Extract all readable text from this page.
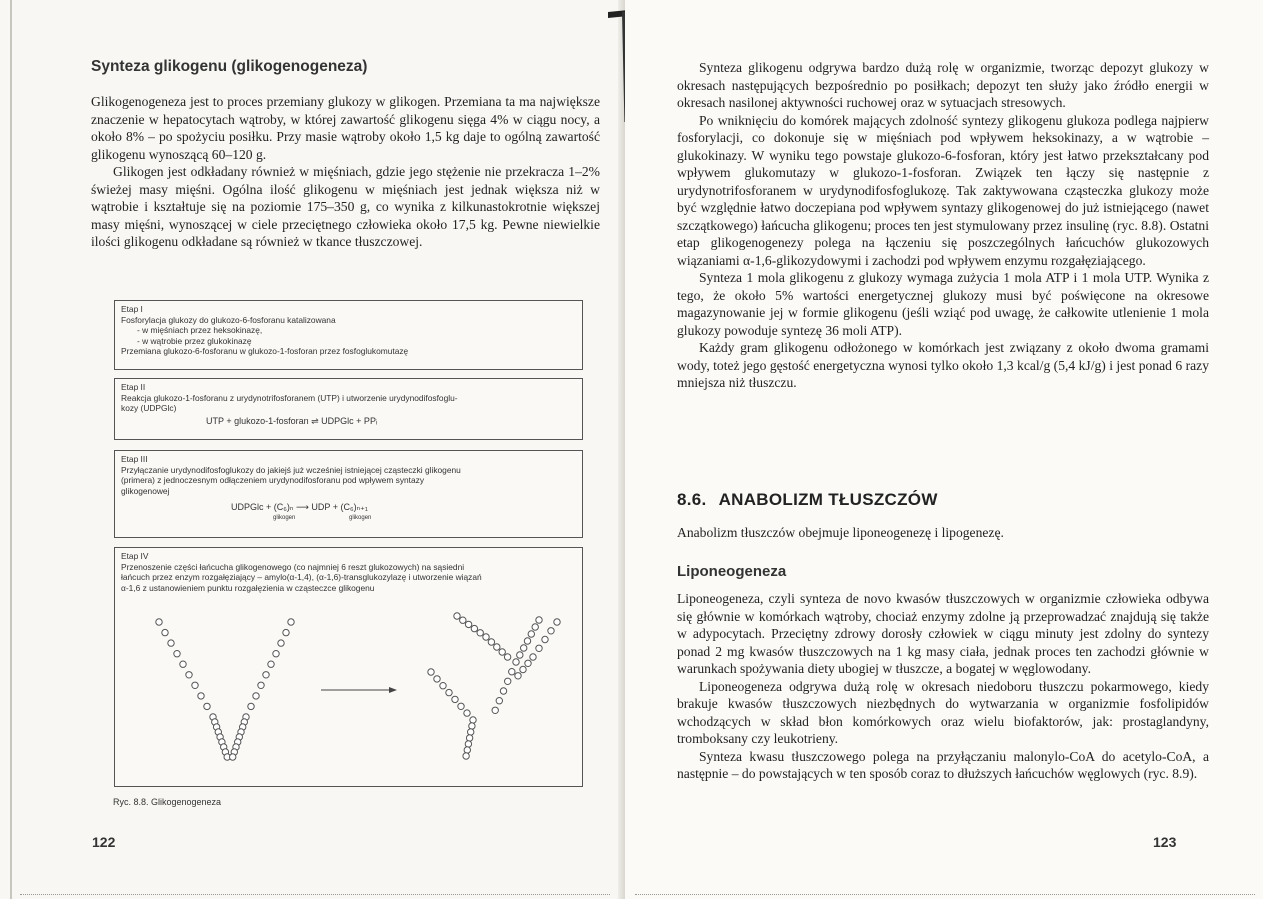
Synteza glikogenu (glikogenogeneza)

Glikogenogeneza jest to proces przemiany glukozy w glikogen. Przemiana ta ma największe znaczenie w hepatocytach wątroby, w której zawartość glikogenu sięga 4% w ciągu nocy, a około 8% – po spożyciu posiłku. Przy masie wątroby około 1,5 kg daje to ogólną zawartość glikogenu wynoszącą 60–120 g.

Glikogen jest odkładany również w mięśniach, gdzie jego stężenie nie przekracza 1–2% świeżej masy mięśni. Ogólna ilość glikogenu w mięśniach jest jednak większa niż w wątrobie i kształtuje się na poziomie 175–350 g, co wynika z kilkunastokrotnie większej masy mięśni, wynoszącej w ciele przeciętnego człowieka około 17,5 kg. Pewne niewielkie ilości glikogenu odkładane są również w tkance tłuszczowej.

Etap I
Fosforylacja glukozy do glukozo-6-fosforanu katalizowana
- w mięśniach przez heksokinazę,
- w wątrobie przez glukokinazę
Przemiana glukozo-6-fosforanu w glukozo-1-fosforan przez fosfoglukomutazę
Etap II
Reakcja glukozo-1-fosforanu z urydynotrifosforanem (UTP) i utworzenie urydynodifosfoglu-
kozy (UDPGlc)
UTP + glukozo-1-fosforan ⇌ UDPGlc + PPᵢ
Etap III
Przyłączanie urydynodifosfoglukozy do jakiejś już wcześniej istniejącej cząsteczki glikogenu
(primera) z jednoczesnym odłączeniem urydynodifosforanu pod wpływem syntazy
glikogenowej
UDPGlc + (C₆)ₙ ⟶ UDP + (C₆)ₙ₊₁
glikogen	glikogen
Etap IV
Przenoszenie części łańcucha glikogenowego (co najmniej 6 reszt glukozowych) na sąsiedni
łańcuch przez enzym rozgałęziający – amylo(α-1,4), (α-1,6)-transglukozylazę i utworzenie wiązań
α-1,6 z ustanowieniem punktu rozgałęzienia w cząsteczce glikogenu
Ryc. 8.8. Glikogenogeneza
122

Synteza glikogenu odgrywa bardzo dużą rolę w organizmie, tworząc depozyt glukozy w okresach następujących bezpośrednio po posiłkach; depozyt ten służy jako źródło energii w okresach nasilonej aktywności ruchowej oraz w sytuacjach stresowych.

Po wniknięciu do komórek mających zdolność syntezy glikogenu glukoza podlega najpierw fosforylacji, co dokonuje się w mięśniach pod wpływem heksokinazy, a w wątrobie – glukokinazy. W wyniku tego powstaje glukozo-6-fosforan, który jest łatwo przekształcany pod wpływem glukomutazy w glukozo-1-fosforan. Związek ten łączy się następnie z urydynotrifosforanem w urydynodifosfoglukozę. Tak zaktywowana cząsteczka glukozy może być względnie łatwo doczepiana pod wpływem syntazy glikogenowej do już istniejącego (nawet szczątkowego) łańcucha glikogenu; proces ten jest stymulowany przez insulinę (ryc. 8.8). Ostatni etap glikogenogenezy polega na łączeniu się poszczególnych łańcuchów glukozowych wiązaniami α-1,6-glikozydowymi i zachodzi pod wpływem enzymu rozgałęziającego.

Synteza 1 mola glikogenu z glukozy wymaga zużycia 1 mola ATP i 1 mola UTP. Wynika z tego, że około 5% wartości energetycznej glukozy musi być poświęcone na okresowe magazynowanie jej w formie glikogenu (jeśli wziąć pod uwagę, że całkowite utlenienie 1 mola glukozy powoduje syntezę 36 moli ATP).

Każdy gram glikogenu odłożonego w komórkach jest związany z około dwoma gramami wody, toteż jego gęstość energetyczna wynosi tylko około 1,3 kcal/g (5,4 kJ/g) i jest ponad 6 razy mniejsza niż tłuszczu.

Anabolizm tłuszczów obejmuje liponeogenezę i lipogenezę.
Liponeogeneza

Liponeogeneza, czyli synteza de novo kwasów tłuszczowych w organizmie człowieka odbywa się głównie w komórkach wątroby, chociaż enzymy zdolne ją przeprowadzać znajdują się także w adypocytach. Przeciętny zdrowy dorosły człowiek w ciągu minuty jest zdolny do syntezy ponad 2 mg kwasów tłuszczowych na 1 kg masy ciała, jednak proces ten zachodzi głównie w warunkach spożywania diety ubogiej w tłuszcze, a bogatej w węglowodany.

Liponeogeneza odgrywa dużą rolę w okresach niedoboru tłuszczu pokarmowego, kiedy brakuje kwasów tłuszczowych niezbędnych do wytwarzania w organizmie fosfolipidów wchodzących w skład błon komórkowych oraz wielu biofaktorów, jak: prostaglandyny, tromboksany czy leukotrieny.

Synteza kwasu tłuszczowego polega na przyłączaniu malonylo-CoA do acetylo-CoA, a następnie – do powstających w ten sposób coraz to dłuższych łańcuchów węglowych (ryc. 8.9).

123
8.6. ANABOLIZM TŁUSZCZÓW
